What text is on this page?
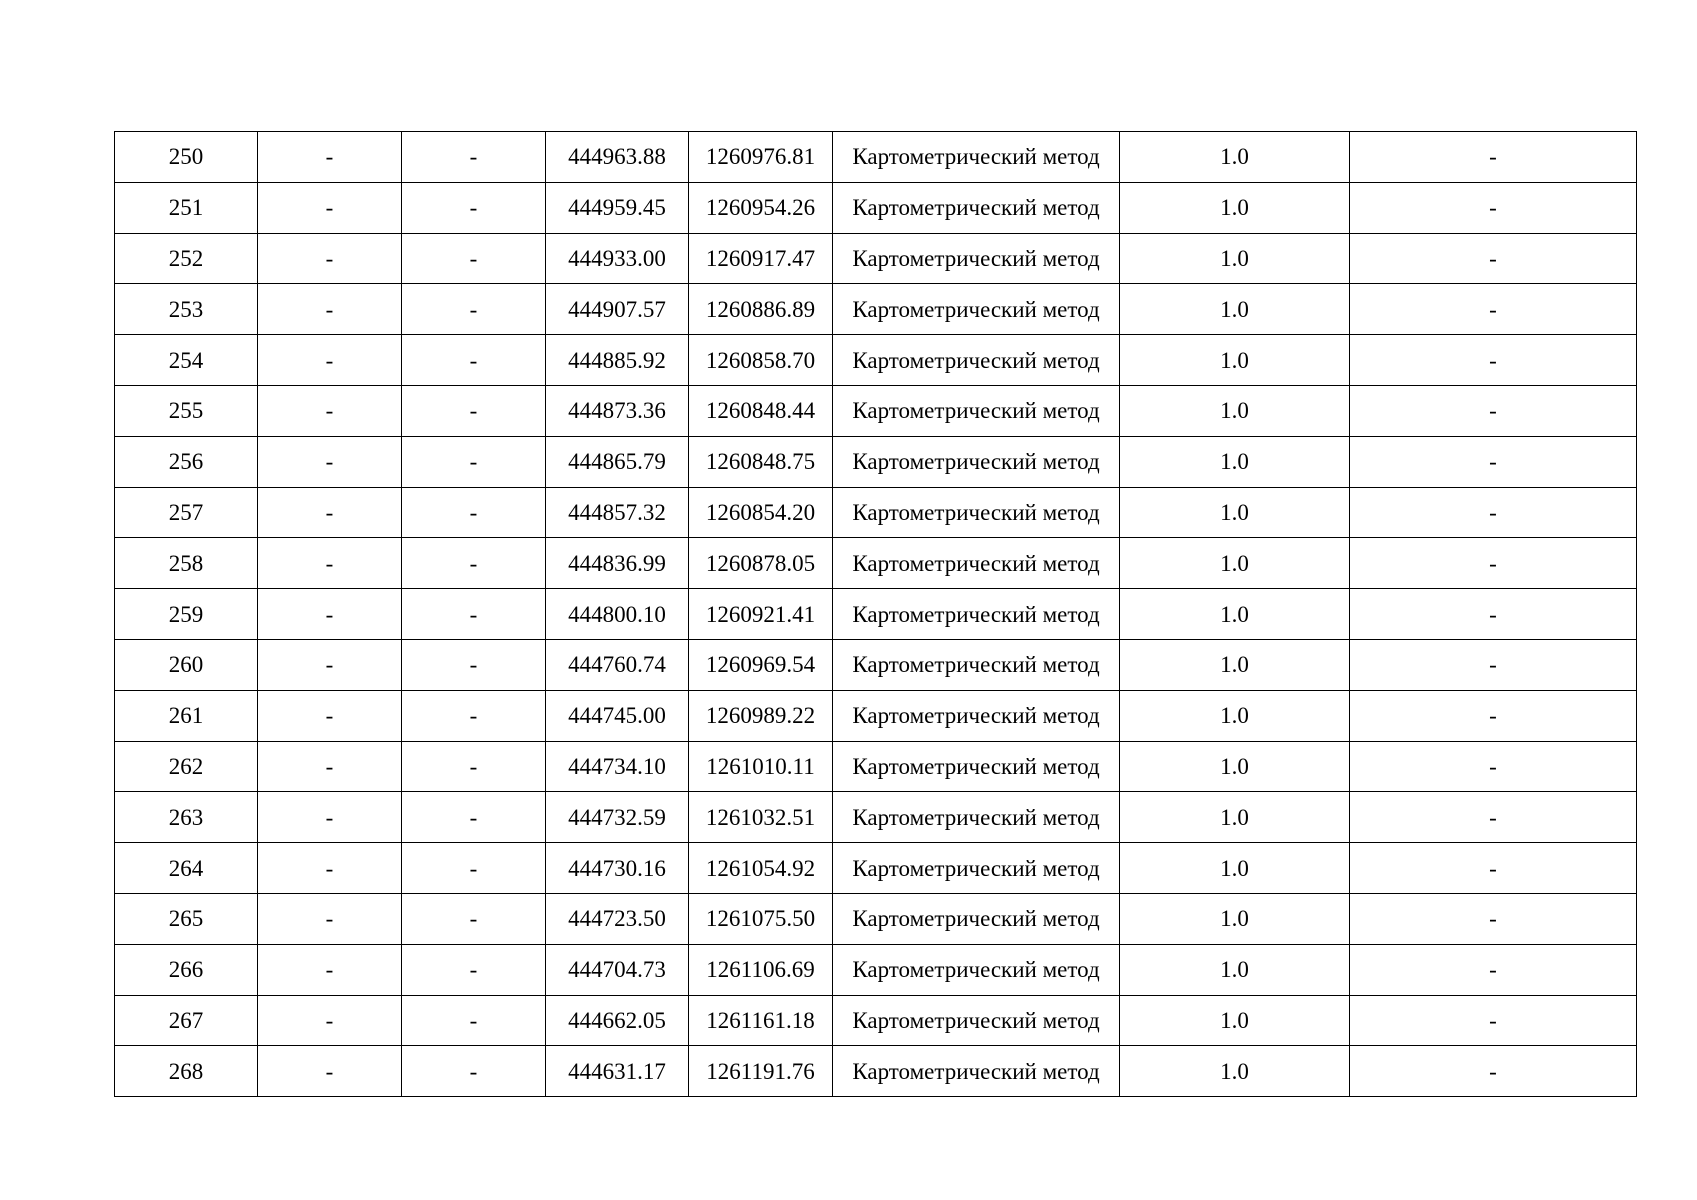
250	-	-	444963.88	1260976.81	Картометрический метод	1.0	-
251	-	-	444959.45	1260954.26	Картометрический метод	1.0	-
252	-	-	444933.00	1260917.47	Картометрический метод	1.0	-
253	-	-	444907.57	1260886.89	Картометрический метод	1.0	-
254	-	-	444885.92	1260858.70	Картометрический метод	1.0	-
255	-	-	444873.36	1260848.44	Картометрический метод	1.0	-
256	-	-	444865.79	1260848.75	Картометрический метод	1.0	-
257	-	-	444857.32	1260854.20	Картометрический метод	1.0	-
258	-	-	444836.99	1260878.05	Картометрический метод	1.0	-
259	-	-	444800.10	1260921.41	Картометрический метод	1.0	-
260	-	-	444760.74	1260969.54	Картометрический метод	1.0	-
261	-	-	444745.00	1260989.22	Картометрический метод	1.0	-
262	-	-	444734.10	1261010.11	Картометрический метод	1.0	-
263	-	-	444732.59	1261032.51	Картометрический метод	1.0	-
264	-	-	444730.16	1261054.92	Картометрический метод	1.0	-
265	-	-	444723.50	1261075.50	Картометрический метод	1.0	-
266	-	-	444704.73	1261106.69	Картометрический метод	1.0	-
267	-	-	444662.05	1261161.18	Картометрический метод	1.0	-
268	-	-	444631.17	1261191.76	Картометрический метод	1.0	-
